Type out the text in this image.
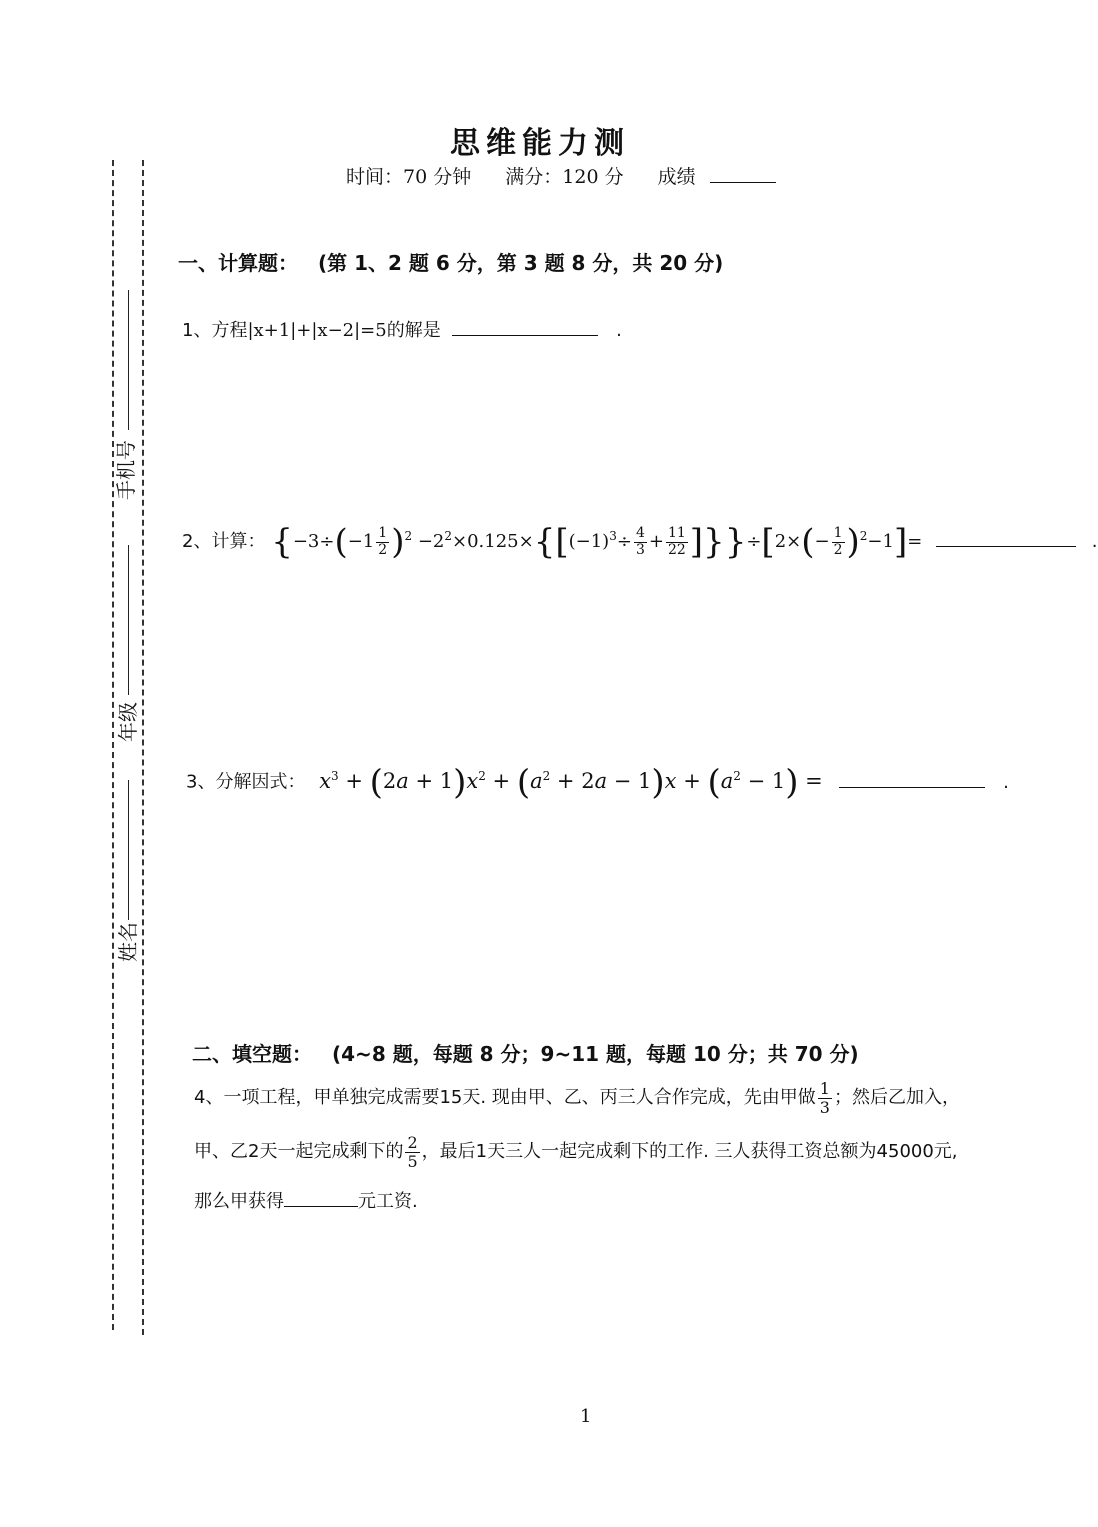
手机号
年级
姓名
思维能力测
时间：70 分钟 满分：120 分 成绩
一、计算题： (第 1、2 题 6 分，第 3 题 8 分，共 20 分)
1、方程|x+1|+|x−2|=5的解是	.
2、计算： $\{-3\div(-1 \frac{1}{2} )^2 -2^2\times 0.125\times\{[(-1)^3\div \frac{4}{3} + \frac{11}{22} ]\}\}\div[2\times(- \frac{1}{2} )^2-1]=$	.
3、分解因式： $x^3 + (2a + 1)x^2 + (a^2 + 2a - 1)x + (a^2 - 1)$ =	.
二、填空题： (4~8 题，每题 8 分；9~11 题，每题 10 分；共 70 分)
4、一项工程，甲单独完成需要15天. 现由甲、乙、丙三人合作完成，先由甲做 $\frac{1}{3}$ ；然后乙加入，
甲、乙2天一起完成剩下的 $\frac{2}{5}$ ，最后1天三人一起完成剩下的工作. 三人获得工资总额为45000元,
那么甲获得	元工资.
1
